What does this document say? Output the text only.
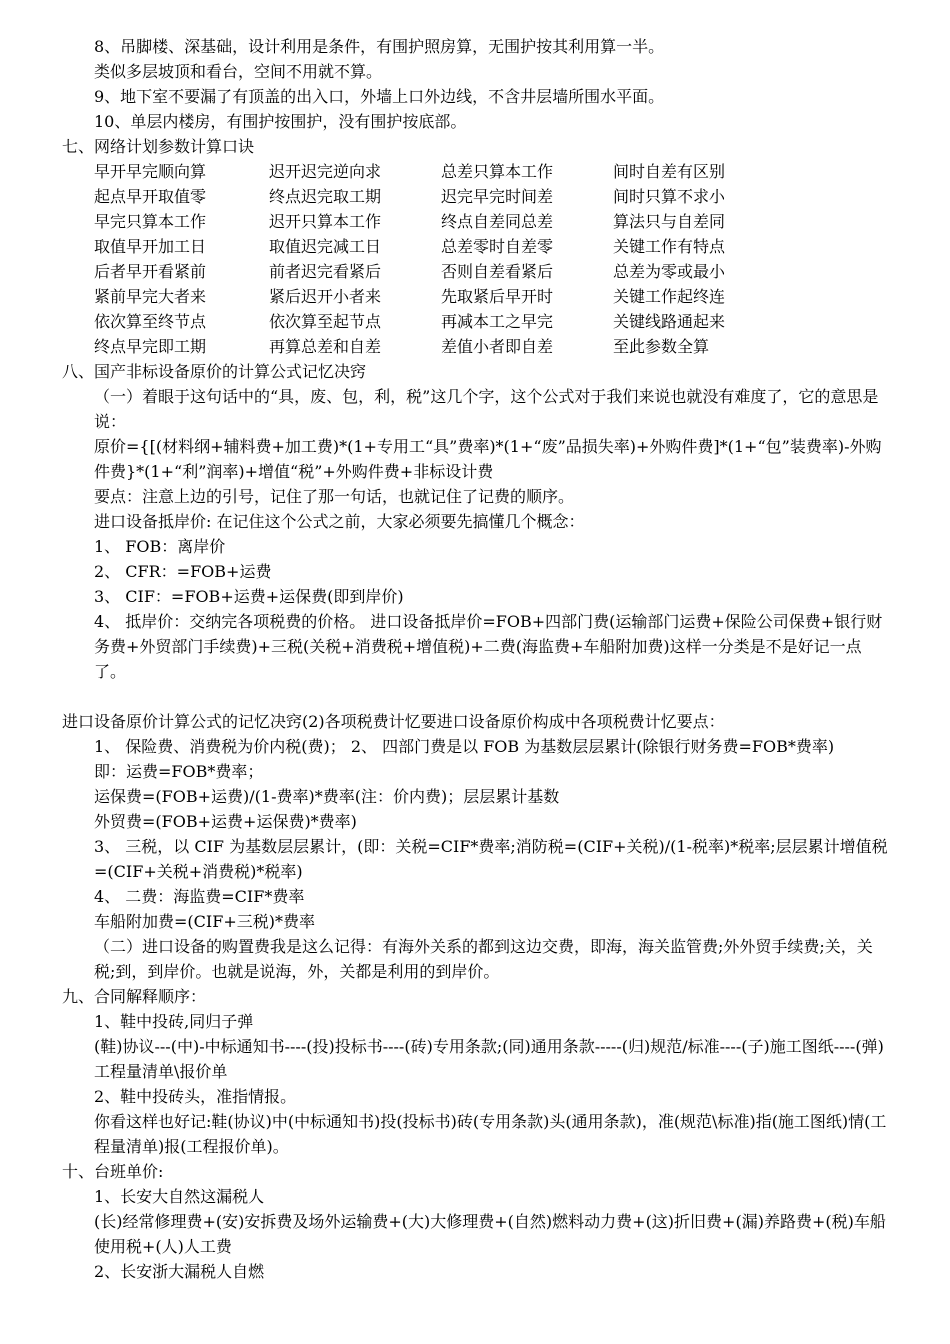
8、吊脚楼、深基础，设计利用是条件，有围护照房算，无围护按其利用算一半。

类似多层坡顶和看台，空间不用就不算。

9、地下室不要漏了有顶盖的出入口，外墙上口外边线，不含井层墙所围水平面。

10、单层内楼房，有围护按围护，没有围护按底部。

七、网络计划参数计算口诀

早开早完顺向算	迟开迟完逆向求	总差只算本工作	间时自差有区别
起点早开取值零	终点迟完取工期	迟完早完时间差	间时只算不求小
早完只算本工作	迟开只算本工作	终点自差同总差	算法只与自差同
取值早开加工日	取值迟完减工日	总差零时自差零	关键工作有特点
后者早开看紧前	前者迟完看紧后	否则自差看紧后	总差为零或最小
紧前早完大者来	紧后迟开小者来	先取紧后早开时	关键工作起终连
依次算至终节点	依次算至起节点	再减本工之早完	关键线路通起来
终点早完即工期	再算总差和自差	差值小者即自差	至此参数全算

八、国产非标设备原价的计算公式记忆决窍

（一）着眼于这句话中的“具，废、包，利，税”这几个字，这个公式对于我们来说也就没有难度了，它的意思是说：

原价={[(材料纲+辅料费+加工费)*(1+专用工“具”费率)*(1+“废”品损失率)+外购件费]*(1+“包”装费率)-外购件费}*(1+“利”润率)+增值“税”+外购件费+非标设计费

要点：注意上边的引号，记住了那一句话，也就记住了记费的顺序。

进口设备抵岸价: 在记住这个公式之前，大家必须要先搞懂几个概念：

1、 FOB：离岸价

2、 CFR：=FOB+运费

3、 CIF：=FOB+运费+运保费(即到岸价)

4、 抵岸价：交纳完各项税费的价格。 进口设备抵岸价=FOB+四部门费(运输部门运费+保险公司保费+银行财务费+外贸部门手续费)+三税(关税+消费税+增值税)+二费(海监费+车船附加费)这样一分类是不是好记一点了。

进口设备原价计算公式的记忆决窍(2)各项税费计忆要进口设备原价构成中各项税费计忆要点：

1、 保险费、消费税为价内税(费)； 2、 四部门费是以 FOB 为基数层层累计(除银行财务费=FOB*费率)

即：运费=FOB*费率；

运保费=(FOB+运费)/(1-费率)*费率(注：价内费)；层层累计基数

外贸费=(FOB+运费+运保费)*费率)

3、 三税，以 CIF 为基数层层累计，(即：关税=CIF*费率;消防税=(CIF+关税)/(1-税率)*税率;层层累计增值税=(CIF+关税+消费税)*税率)

4、 二费：海监费=CIF*费率

车船附加费=(CIF+三税)*费率

（二）进口设备的购置费我是这么记得：有海外关系的都到这边交费，即海，海关监管费;外外贸手续费;关，关税;到，到岸价。也就是说海，外，关都是利用的到岸价。

九、合同解释顺序：

1、鞋中投砖,同归子弹

(鞋)协议---(中)-中标通知书----(投)投标书----(砖)专用条款;(同)通用条款-----(归)规范/标准----(子)施工图纸----(弹)工程量清单\报价单

2、鞋中投砖头，准指情报。

你看这样也好记:鞋(协议)中(中标通知书)投(投标书)砖(专用条款)头(通用条款)，准(规范\标准)指(施工图纸)情(工程量清单)报(工程报价单)。

十、台班单价:

1、长安大自然这漏税人

(长)经常修理费+(安)安拆费及场外运输费+(大)大修理费+(自然)燃料动力费+(这)折旧费+(漏)养路费+(税)车船使用税+(人)人工费

2、长安浙大漏税人自燃
